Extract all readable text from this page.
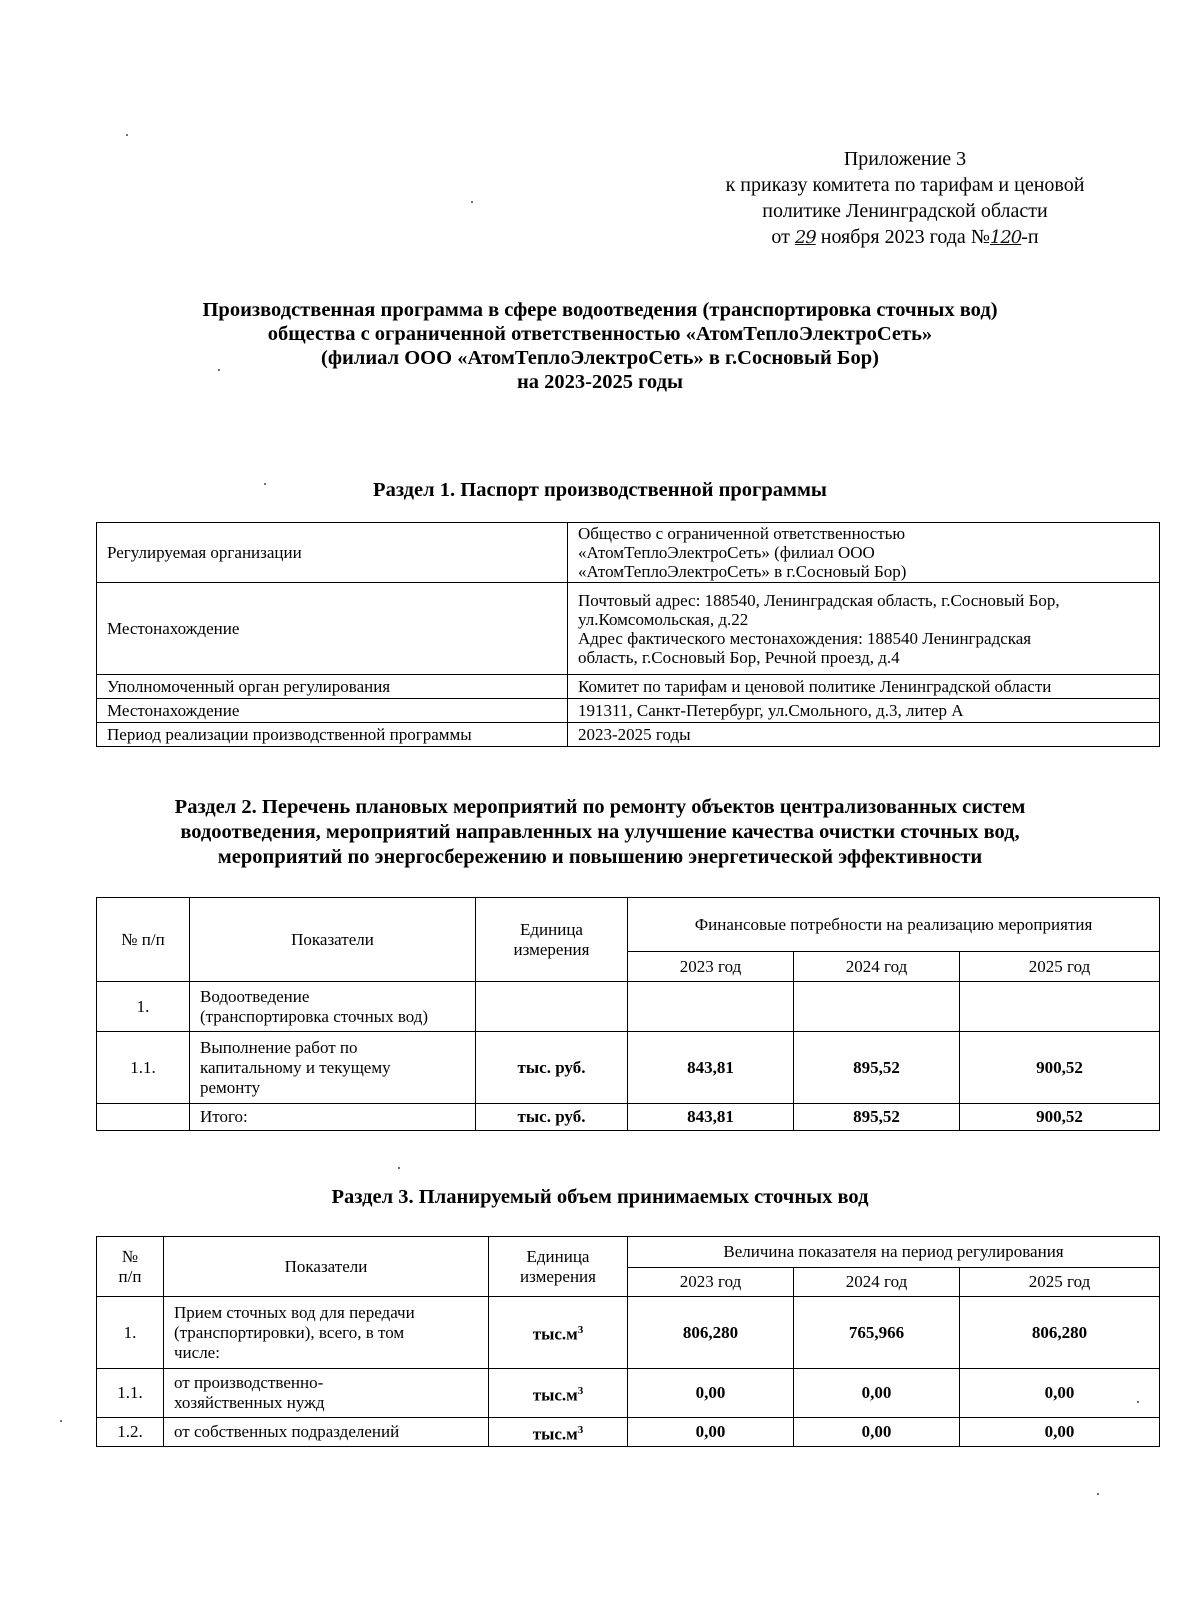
Приложение 3
к приказу комитета по тарифам и ценовой
политике Ленинградской области
от 29 ноября 2023 года №120-п
Производственная программа в сфере водоотведения (транспортировка сточных вод)
общества с ограниченной ответственностью «АтомТеплоЭлектроСеть»
(филиал ООО «АтомТеплоЭлектроСеть» в г.Сосновый Бор)
на 2023-2025 годы
Раздел 1. Паспорт производственной программы
Регулируемая организации	Общество с ограниченной ответственностью
«АтомТеплоЭлектроСеть» (филиал ООО
«АтомТеплоЭлектроСеть» в г.Сосновый Бор)

Местонахождение	Почтовый адрес: 188540, Ленинградская область, г.Сосновый Бор,
ул.Комсомольская, д.22
Адрес фактического местонахождения: 188540 Ленинградская
область, г.Сосновый Бор, Речной проезд, д.4

Уполномоченный орган регулирования	Комитет по тарифам и ценовой политике Ленинградской области

Местонахождение	191311, Санкт-Петербург, ул.Смольного, д.3, литер А

Период реализации производственной программы	2023-2025 годы
Раздел 2. Перечень плановых мероприятий по ремонту объектов централизованных систем
водоотведения, мероприятий направленных на улучшение качества очистки сточных вод,
мероприятий по энергосбережению и повышению энергетической эффективности
№ п/п	Показатели	Единица измерения	Финансовые потребности на реализацию мероприятия		
			2023 год	2024 год	2025 год
1.	Водоотведение
(транспортировка сточных вод)				

1.1.	Выполнение работ по
капитальному и текущему
ремонту	тыс. руб.	843,81	895,52	900,52

	Итого:	тыс. руб.	843,81	895,52	900,52
Раздел 3. Планируемый объем принимаемых сточных вод
№
п/п	Показатели	Единица измерения	Величина показателя на период регулирования		
			2023 год	2024 год	2025 год
1.	Прием сточных вод для передачи
(транспортировки), всего, в том
числе:	$тыс.м^3$	806,280	765,966	806,280
1.1.	от производственно-
хозяйственных нужд	$тыс.м^3$	0,00	0,00	0,00
1.2.	от собственных подразделений	$тыс.м^3$	0,00	0,00	0,00
